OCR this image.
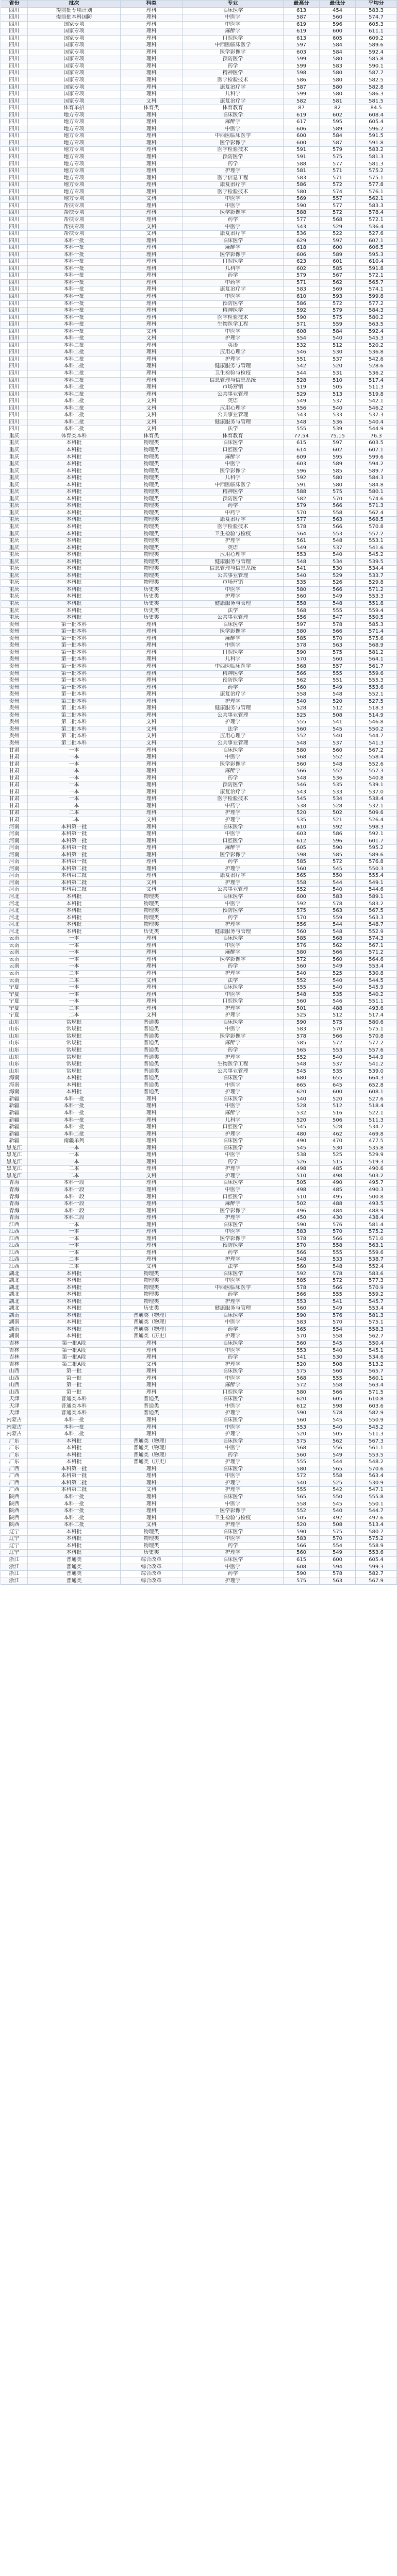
省份	批次	科类	专业	最高分	最低分	平均分
四川	提前批专项计划	理科	临床医学	613	454	583.3
四川	提前批本科国防	理科	中医学	587	560	574.7
四川	国家专项	理科	中医学	619	596	605.3
四川	国家专项	理科	麻醉学	619	600	611.1
四川	国家专项	理科	口腔医学	613	605	609.2
四川	国家专项	理科	中西医临床医学	597	584	589.6
四川	国家专项	理科	医学影像学	603	584	592.4
四川	国家专项	理科	预防医学	599	580	585.8
四川	国家专项	理科	药学	599	583	590.1
四川	国家专项	理科	精神医学	598	580	587.7
四川	国家专项	理科	医学检验技术	586	580	582.5
四川	国家专项	理科	康复治疗学	587	580	582.8
四川	国家专项	理科	儿科学	599	580	586.3
四川	国家专项	文科	康复治疗学	582	581	581.5
四川	体育单招	体育类	体育教育	87	82	84.5
四川	地方专项	理科	临床医学	619	602	608.4
四川	地方专项	理科	麻醉学	617	595	605.4
四川	地方专项	理科	中医学	606	589	596.2
四川	地方专项	理科	中西医临床医学	600	584	591.5
四川	地方专项	理科	医学影像学	600	587	591.8
四川	地方专项	理科	医学检验技术	591	579	583.2
四川	地方专项	理科	预防医学	591	575	581.3
四川	地方专项	理科	药学	588	577	581.3
四川	地方专项	理科	护理学	581	571	575.2
四川	地方专项	理科	医学信息工程	583	571	575.1
四川	地方专项	理科	康复治疗学	586	572	577.8
四川	地方专项	理科	医学检验技术	580	574	576.1
四川	地方专项	文科	中医学	569	557	562.1
四川	帮扶专项	理科	中医学	590	577	583.3
四川	帮扶专项	理科	医学影像学	588	572	578.4
四川	帮扶专项	理科	药学	577	568	572.1
四川	帮扶专项	文科	中医学	543	529	536.4
四川	帮扶专项	文科	康复治疗学	536	522	527.6
四川	本科一批	理科	临床医学	629	597	607.1
四川	本科一批	理科	麻醉学	618	600	606.5
四川	本科一批	理科	医学影像学	606	589	595.3
四川	本科一批	理科	口腔医学	623	601	610.4
四川	本科一批	理科	儿科学	602	585	591.8
四川	本科一批	理科	药学	579	567	572.1
四川	本科一批	理科	中药学	571	562	565.7
四川	本科一批	理科	康复治疗学	583	569	574.1
四川	本科一批	理科	中医学	610	593	599.8
四川	本科一批	理科	预防医学	586	572	577.2
四川	本科一批	理科	精神医学	592	579	584.3
四川	本科一批	理科	医学检验技术	590	575	580.2
四川	本科一批	理科	生物医学工程	571	559	563.5
四川	本科一批	文科	中医学	608	584	592.4
四川	本科一批	文科	护理学	554	540	545.3
四川	本科二批	理科	英语	532	512	520.2
四川	本科二批	理科	应用心理学	546	530	536.8
四川	本科二批	理科	护理学	551	537	542.6
四川	本科二批	理科	健康服务与管理	542	520	528.6
四川	本科二批	理科	卫生检验与检疫	544	531	536.2
四川	本科二批	理科	信息管理与信息系统	528	510	517.4
四川	本科二批	理科	市场营销	519	505	511.3
四川	本科二批	理科	公共事业管理	529	513	519.8
四川	本科二批	文科	英语	549	537	542.1
四川	本科二批	文科	应用心理学	556	540	546.2
四川	本科二批	文科	公共事业管理	543	533	537.3
四川	本科二批	文科	健康服务与管理	548	536	540.4
四川	本科二批	文科	法学	555	539	544.9
重庆	体育类本科	体育类	体育教育	77.54	75.15	76.3
重庆	本科批	物理类	临床医学	615	597	603.5
重庆	本科批	物理类	口腔医学	614	602	607.1
重庆	本科批	物理类	麻醉学	609	595	599.6
重庆	本科批	物理类	中医学	603	589	594.2
重庆	本科批	物理类	医学影像学	596	585	589.7
重庆	本科批	物理类	儿科学	592	580	584.3
重庆	本科批	物理类	中西医临床医学	591	580	584.8
重庆	本科批	物理类	精神医学	588	575	580.1
重庆	本科批	物理类	预防医学	582	570	574.6
重庆	本科批	物理类	药学	579	566	571.3
重庆	本科批	物理类	中药学	570	558	562.4
重庆	本科批	物理类	康复治疗学	577	563	568.5
重庆	本科批	物理类	医学检验技术	578	566	570.8
重庆	本科批	物理类	卫生检验与检疫	564	553	557.2
重庆	本科批	物理类	护理学	561	548	553.1
重庆	本科批	物理类	英语	549	537	541.6
重庆	本科批	物理类	应用心理学	553	540	545.2
重庆	本科批	物理类	健康服务与管理	548	534	539.5
重庆	本科批	物理类	信息管理与信息系统	541	530	534.4
重庆	本科批	物理类	公共事业管理	540	529	533.7
重庆	本科批	物理类	市场营销	535	526	529.8
重庆	本科批	历史类	中医学	580	566	571.2
重庆	本科批	历史类	护理学	560	549	553.3
重庆	本科批	历史类	健康服务与管理	558	548	551.8
重庆	本科批	历史类	法学	568	555	559.4
重庆	本科批	历史类	公共事业管理	556	547	550.5
贵州	第一批本科	理科	临床医学	597	578	585.3
贵州	第一批本科	理科	医学影像学	580	566	571.4
贵州	第一批本科	理科	麻醉学	585	570	575.6
贵州	第一批本科	理科	中医学	578	563	568.9
贵州	第一批本科	理科	口腔医学	590	575	581.2
贵州	第一批本科	理科	儿科学	570	560	564.1
贵州	第一批本科	理科	中西医临床医学	568	557	561.7
贵州	第一批本科	理科	精神医学	566	555	559.6
贵州	第一批本科	理科	预防医学	562	551	555.3
贵州	第一批本科	理科	药学	560	549	553.6
贵州	第一批本科	理科	康复治疗学	558	548	552.1
贵州	第二批本科	理科	护理学	540	520	527.5
贵州	第二批本科	理科	健康服务与管理	528	512	518.3
贵州	第二批本科	理科	公共事业管理	525	508	514.9
贵州	第二批本科	文科	护理学	555	541	546.8
贵州	第二批本科	文科	法学	560	545	550.2
贵州	第二批本科	文科	应用心理学	552	540	544.7
贵州	第二批本科	文科	公共事业管理	548	537	541.3
甘肃	一本	理科	临床医学	580	560	567.2
甘肃	一本	理科	中医学	568	552	558.4
甘肃	一本	理科	医学影像学	560	548	552.6
甘肃	一本	理科	麻醉学	566	552	557.3
甘肃	一本	理科	药学	548	536	540.8
甘肃	一本	理科	预防医学	546	535	539.1
甘肃	一本	理科	康复治疗学	543	533	537.0
甘肃	一本	理科	医学检验技术	545	534	538.4
甘肃	一本	理科	中药学	538	528	532.1
甘肃	二本	理科	护理学	520	502	509.6
甘肃	二本	文科	护理学	535	521	526.4
河南	本科第一批	理科	临床医学	610	592	598.3
河南	本科第一批	理科	中医学	603	586	592.1
河南	本科第一批	理科	口腔医学	612	596	601.7
河南	本科第一批	理科	麻醉学	605	590	595.2
河南	本科第一批	理科	医学影像学	598	585	589.6
河南	本科第一批	理科	药学	585	572	576.8
河南	本科第二批	理科	护理学	560	545	550.3
河南	本科第二批	理科	康复治疗学	565	550	555.4
河南	本科第二批	文科	护理学	558	544	549.1
河南	本科第二批	文科	公共事业管理	552	540	544.6
河北	本科批	物理类	临床医学	600	583	589.1
河北	本科批	物理类	中医学	592	578	583.2
河北	本科批	物理类	预防医学	575	563	567.5
河北	本科批	物理类	药学	570	559	563.3
河北	本科批	物理类	护理学	556	544	548.7
河北	本科批	历史类	健康服务与管理	560	548	552.9
云南	一本	理科	临床医学	585	568	574.3
云南	一本	理科	中医学	576	562	567.1
云南	一本	理科	麻醉学	580	566	571.2
云南	一本	理科	医学影像学	572	560	564.6
云南	一本	理科	药学	560	549	553.4
云南	二本	理科	护理学	540	525	530.8
云南	二本	文科	法学	552	540	544.5
宁夏	一本	理科	临床医学	555	540	545.9
宁夏	一本	理科	中医学	548	535	540.2
宁夏	一本	理科	口腔医学	560	546	551.1
宁夏	二本	理科	护理学	501	488	493.6
宁夏	二本	文科	护理学	525	512	517.4
山东	常规批	普通类	临床医学	590	575	580.6
山东	常规批	普通类	中医学	583	570	575.1
山东	常规批	普通类	医学影像学	578	566	570.8
山东	常规批	普通类	麻醉学	585	572	577.2
山东	常规批	普通类	药学	565	553	557.6
山东	常规批	普通类	护理学	552	540	544.9
山东	常规批	普通类	生物医学工程	548	537	541.2
山东	常规批	普通类	公共事业管理	545	535	539.0
海南	本科批	普通类	临床医学	680	655	664.3
海南	本科批	普通类	中医学	665	645	652.8
海南	本科批	普通类	护理学	620	600	608.1
新疆	本科一批	理科	临床医学	540	520	527.6
新疆	本科一批	理科	中医学	528	512	518.4
新疆	本科一批	理科	麻醉学	532	516	522.1
新疆	本科一批	理科	儿科学	520	506	511.3
新疆	本科一批	理科	口腔医学	545	528	534.7
新疆	本科二批	理科	护理学	480	462	469.8
新疆	南疆单列	理科	临床医学	490	470	477.5
黑龙江	一本	理科	临床医学	545	530	535.8
黑龙江	一本	理科	中医学	538	525	529.9
黑龙江	一本	理科	药学	526	515	519.3
黑龙江	二本	理科	护理学	498	485	490.6
黑龙江	二本	文科	护理学	510	498	503.2
青海	本科一段	理科	临床医学	505	490	495.7
青海	本科一段	理科	中医学	498	485	490.3
青海	本科一段	理科	口腔医学	510	495	500.8
青海	本科一段	理科	麻醉学	502	488	493.5
青海	本科一段	理科	医学影像学	496	484	488.9
青海	本科二段	理科	护理学	450	430	438.4
江西	一本	理科	临床医学	590	576	581.4
江西	一本	理科	中医学	583	570	575.2
江西	一本	理科	医学影像学	578	566	571.0
江西	一本	理科	预防医学	570	558	563.1
江西	一本	理科	药学	566	555	559.6
江西	二本	理科	护理学	548	533	538.7
江西	二本	文科	法学	560	548	552.4
湖北	本科批	物理类	临床医学	592	578	583.6
湖北	本科批	物理类	中医学	585	572	577.3
湖北	本科批	物理类	中西医临床医学	578	566	570.9
湖北	本科批	物理类	药学	566	555	559.2
湖北	本科批	物理类	护理学	553	541	545.7
湖北	本科批	历史类	健康服务与管理	560	549	553.4
湖南	本科批	普通类（物理）	临床医学	590	576	581.3
湖南	本科批	普通类（物理）	中医学	583	570	575.1
湖南	本科批	普通类（物理）	药学	565	554	558.3
湖南	本科批	普通类（历史）	护理学	570	558	562.7
吉林	第一批A段	理科	临床医学	560	545	550.4
吉林	第一批A段	理科	中医学	553	540	545.1
吉林	第一批A段	理科	药学	541	530	534.6
吉林	第二批A段	文科	护理学	520	508	513.2
山西	第一批	理科	临床医学	575	560	565.7
山西	第一批	理科	中医学	568	555	560.1
山西	第一批	理科	麻醉学	572	558	563.4
山西	第一批	理科	口腔医学	580	566	571.5
天津	普通类本科	普通类	临床医学	620	605	610.8
天津	普通类本科	普通类	中医学	612	598	603.6
天津	普通类本科	普通类	护理学	590	578	582.9
内蒙古	本科一批	理科	临床医学	560	545	550.9
内蒙古	本科一批	理科	中医学	553	540	545.2
内蒙古	本科二批	理科	护理学	520	505	511.3
广东	本科批	普通类（物理）	临床医学	575	562	567.3
广东	本科批	普通类（物理）	中医学	568	556	561.1
广东	本科批	普通类（物理）	药学	560	549	553.5
广东	本科批	普通类（历史）	护理学	555	544	548.2
广西	本科第一批	理科	临床医学	580	565	570.6
广西	本科第一批	理科	中医学	572	558	563.4
广西	本科第二批	理科	护理学	540	525	530.9
广西	本科第二批	文科	护理学	555	542	547.1
陕西	本科一批	理科	临床医学	565	550	555.8
陕西	本科一批	理科	中医学	558	545	550.1
陕西	本科一批	理科	医学影像学	552	540	544.7
陕西	本科二批	理科	卫生检验与检疫	505	492	497.6
陕西	本科二批	文科	护理学	520	508	513.4
辽宁	本科批	物理类	临床医学	590	575	580.7
辽宁	本科批	物理类	中医学	583	570	575.2
辽宁	本科批	物理类	药学	566	554	558.9
辽宁	本科批	历史类	护理学	560	549	553.6
浙江	普通类	综合改革	临床医学	615	600	605.4
浙江	普通类	综合改革	中医学	608	594	599.3
浙江	普通类	综合改革	药学	590	578	582.7
浙江	普通类	综合改革	护理学	575	563	567.9
